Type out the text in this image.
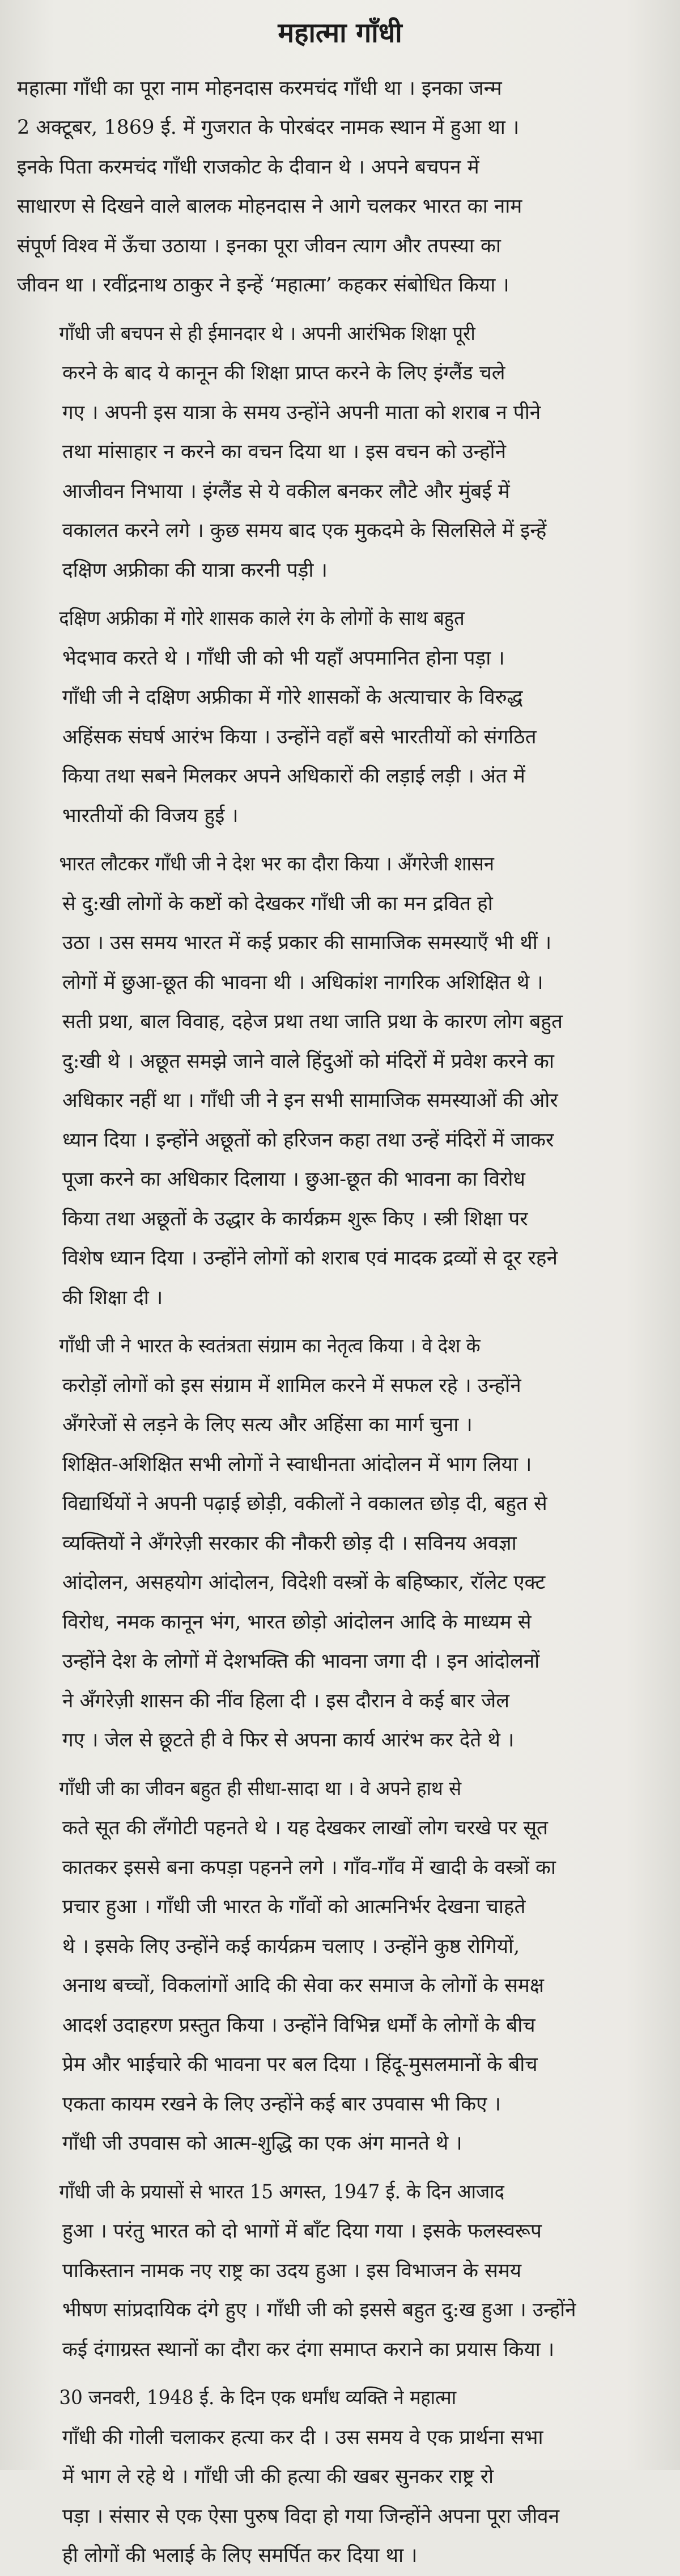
महात्मा गाँधी
महात्मा गाँधी का पूरा नाम मोहनदास करमचंद गाँधी था । इनका जन्म
2 अक्टूबर, 1869 ई. में गुजरात के पोरबंदर नामक स्थान में हुआ था ।
इनके पिता करमचंद गाँधी राजकोट के दीवान थे । अपने बचपन में
साधारण से दिखने वाले बालक मोहनदास ने आगे चलकर भारत का नाम
संपूर्ण विश्व में ऊँचा उठाया । इनका पूरा जीवन त्याग और तपस्या का
जीवन था । रवींद्रनाथ ठाकुर ने इन्हें ‘महात्मा’ कहकर संबोधित किया ।
गाँधी जी बचपन से ही ईमानदार थे । अपनी आरंभिक शिक्षा पूरी
करने के बाद ये कानून की शिक्षा प्राप्त करने के लिए इंग्लैंड चले
गए । अपनी इस यात्रा के समय उन्होंने अपनी माता को शराब न पीने
तथा मांसाहार न करने का वचन दिया था । इस वचन को उन्होंने
आजीवन निभाया । इंग्लैंड से ये वकील बनकर लौटे और मुंबई में
वकालत करने लगे । कुछ समय बाद एक मुकदमे के सिलसिले में इन्हें
दक्षिण अफ्रीका की यात्रा करनी पड़ी ।
दक्षिण अफ्रीका में गोरे शासक काले रंग के लोगों के साथ बहुत
भेदभाव करते थे । गाँधी जी को भी यहाँ अपमानित होना पड़ा ।
गाँधी जी ने दक्षिण अफ्रीका में गोरे शासकों के अत्याचार के विरुद्ध
अहिंसक संघर्ष आरंभ किया । उन्होंने वहाँ बसे भारतीयों को संगठित
किया तथा सबने मिलकर अपने अधिकारों की लड़ाई लड़ी । अंत में
भारतीयों की विजय हुई ।
भारत लौटकर गाँधी जी ने देश भर का दौरा किया । अँगरेजी शासन
से दु:खी लोगों के कष्टों को देखकर गाँधी जी का मन द्रवित हो
उठा । उस समय भारत में कई प्रकार की सामाजिक समस्याएँ भी थीं ।
लोगों में छुआ-छूत की भावना थी । अधिकांश नागरिक अशिक्षित थे ।
सती प्रथा, बाल विवाह, दहेज प्रथा तथा जाति प्रथा के कारण लोग बहुत
दु:खी थे । अछूत समझे जाने वाले हिंदुओं को मंदिरों में प्रवेश करने का
अधिकार नहीं था । गाँधी जी ने इन सभी सामाजिक समस्याओं की ओर
ध्यान दिया । इन्होंने अछूतों को हरिजन कहा तथा उन्हें मंदिरों में जाकर
पूजा करने का अधिकार दिलाया । छुआ-छूत की भावना का विरोध
किया तथा अछूतों के उद्धार के कार्यक्रम शुरू किए । स्त्री शिक्षा पर
विशेष ध्यान दिया । उन्होंने लोगों को शराब एवं मादक द्रव्यों से दूर रहने
की शिक्षा दी ।
गाँधी जी ने भारत के स्वतंत्रता संग्राम का नेतृत्व किया । वे देश के
करोड़ों लोगों को इस संग्राम में शामिल करने में सफल रहे । उन्होंने
अँगरेजों से लड़ने के लिए सत्य और अहिंसा का मार्ग चुना ।
शिक्षित-अशिक्षित सभी लोगों ने स्वाधीनता आंदोलन में भाग लिया ।
विद्यार्थियों ने अपनी पढ़ाई छोड़ी, वकीलों ने वकालत छोड़ दी, बहुत से
व्यक्तियों ने अँगरेज़ी सरकार की नौकरी छोड़ दी । सविनय अवज्ञा
आंदोलन, असहयोग आंदोलन, विदेशी वस्त्रों के बहिष्कार, रॉलेट एक्ट
विरोध, नमक कानून भंग, भारत छोड़ो आंदोलन आदि के माध्यम से
उन्होंने देश के लोगों में देशभक्ति की भावना जगा दी । इन आंदोलनों
ने अँगरेज़ी शासन की नींव हिला दी । इस दौरान वे कई बार जेल
गए । जेल से छूटते ही वे फिर से अपना कार्य आरंभ कर देते थे ।
गाँधी जी का जीवन बहुत ही सीधा-सादा था । वे अपने हाथ से
कते सूत की लँगोटी पहनते थे । यह देखकर लाखों लोग चरखे पर सूत
कातकर इससे बना कपड़ा पहनने लगे । गाँव-गाँव में खादी के वस्त्रों का
प्रचार हुआ । गाँधी जी भारत के गाँवों को आत्मनिर्भर देखना चाहते
थे । इसके लिए उन्होंने कई कार्यक्रम चलाए । उन्होंने कुष्ठ रोगियों,
अनाथ बच्चों, विकलांगों आदि की सेवा कर समाज के लोगों के समक्ष
आदर्श उदाहरण प्रस्तुत किया । उन्होंने विभिन्न धर्मों के लोगों के बीच
प्रेम और भाईचारे की भावना पर बल दिया । हिंदू-मुसलमानों के बीच
एकता कायम रखने के लिए उन्होंने कई बार उपवास भी किए ।
गाँधी जी उपवास को आत्म-शुद्धि का एक अंग मानते थे ।
गाँधी जी के प्रयासों से भारत 15 अगस्त, 1947 ई. के दिन आजाद
हुआ । परंतु भारत को दो भागों में बाँट दिया गया । इसके फलस्वरूप
पाकिस्तान नामक नए राष्ट्र का उदय हुआ । इस विभाजन के समय
भीषण सांप्रदायिक दंगे हुए । गाँधी जी को इससे बहुत दु:ख हुआ । उन्होंने
कई दंगाग्रस्त स्थानों का दौरा कर दंगा समाप्त कराने का प्रयास किया ।
30 जनवरी, 1948 ई. के दिन एक धर्मांध व्यक्ति ने महात्मा
गाँधी की गोली चलाकर हत्या कर दी । उस समय वे एक प्रार्थना सभा
में भाग ले रहे थे । गाँधी जी की हत्या की खबर सुनकर राष्ट्र रो
पड़ा । संसार से एक ऐसा पुरुष विदा हो गया जिन्होंने अपना पूरा जीवन
ही लोगों की भलाई के लिए समर्पित कर दिया था ।
